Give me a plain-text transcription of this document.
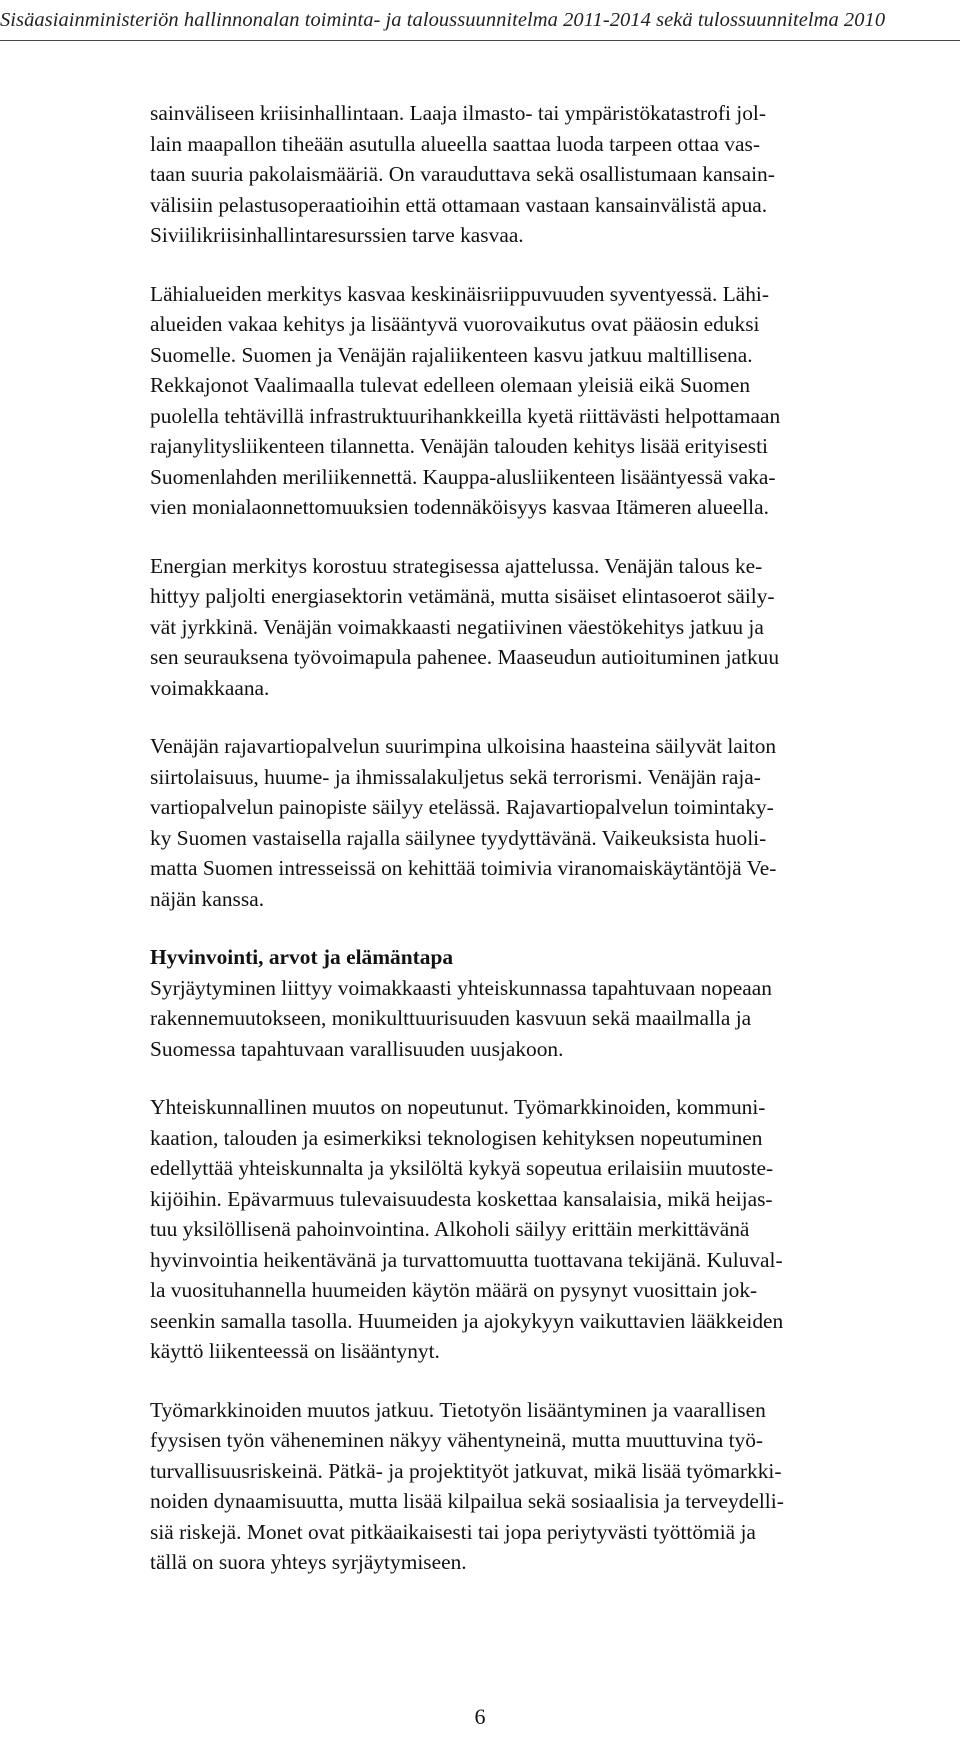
Sisäasiainministeriön hallinnonalan toiminta- ja taloussuunnitelma 2011-2014 sekä tulossuunnitelma 2010
sainväliseen kriisinhallintaan. Laaja ilmasto- tai ympäristökatastrofi jol-
lain maapallon tiheään asutulla alueella saattaa luoda tarpeen ottaa vas-
taan suuria pakolaismääriä. On varauduttava sekä osallistumaan kansain-
välisiin pelastusoperaatioihin että ottamaan vastaan kansainvälistä apua.
Siviilikriisinhallintaresurssien tarve kasvaa.
Lähialueiden merkitys kasvaa keskinäisriippuvuuden syventyessä. Lähi-
alueiden vakaa kehitys ja lisääntyvä vuorovaikutus ovat pääosin eduksi
Suomelle. Suomen ja Venäjän rajaliikenteen kasvu jatkuu maltillisena.
Rekkajonot Vaalimaalla tulevat edelleen olemaan yleisiä eikä Suomen
puolella tehtävillä infrastruktuurihankkeilla kyetä riittävästi helpottamaan
rajanylitysliikenteen tilannetta. Venäjän talouden kehitys lisää erityisesti
Suomenlahden meriliikennettä. Kauppa-alusliikenteen lisääntyessä vaka-
vien monialaonnettomuuksien todennäköisyys kasvaa Itämeren alueella.
Energian merkitys korostuu strategisessa ajattelussa. Venäjän talous ke-
hittyy paljolti energiasektorin vetämänä, mutta sisäiset elintasoerot säily-
vät jyrkkinä. Venäjän voimakkaasti negatiivinen väestökehitys jatkuu ja
sen seurauksena työvoimapula pahenee. Maaseudun autioituminen jatkuu
voimakkaana.
Venäjän rajavartiopalvelun suurimpina ulkoisina haasteina säilyvät laiton
siirtolaisuus, huume- ja ihmissalakuljetus sekä terrorismi. Venäjän raja-
vartiopalvelun painopiste säilyy etelässä. Rajavartiopalvelun toimintaky-
ky Suomen vastaisella rajalla säilynee tyydyttävänä. Vaikeuksista huoli-
matta Suomen intresseissä on kehittää toimivia viranomaiskäytäntöjä Ve-
näjän kanssa.
Hyvinvointi, arvot ja elämäntapa
Syrjäytyminen liittyy voimakkaasti yhteiskunnassa tapahtuvaan nopeaan
rakennemuutokseen, monikulttuurisuuden kasvuun sekä maailmalla ja
Suomessa tapahtuvaan varallisuuden uusjakoon.
Yhteiskunnallinen muutos on nopeutunut. Työmarkkinoiden, kommuni-
kaation, talouden ja esimerkiksi teknologisen kehityksen nopeutuminen
edellyttää yhteiskunnalta ja yksilöltä kykyä sopeutua erilaisiin muutoste-
kijöihin. Epävarmuus tulevaisuudesta koskettaa kansalaisia, mikä heijas-
tuu yksilöllisenä pahoinvointina. Alkoholi säilyy erittäin merkittävänä
hyvinvointia heikentävänä ja turvattomuutta tuottavana tekijänä. Kuluval-
la vuosituhannella huumeiden käytön määrä on pysynyt vuosittain jok-
seenkin samalla tasolla. Huumeiden ja ajokykyyn vaikuttavien lääkkeiden
käyttö liikenteessä on lisääntynyt.
Työmarkkinoiden muutos jatkuu. Tietotyön lisääntyminen ja vaarallisen
fyysisen työn väheneminen näkyy vähentyneinä, mutta muuttuvina työ-
turvallisuusriskeinä. Pätkä- ja projektityöt jatkuvat, mikä lisää työmarkki-
noiden dynaamisuutta, mutta lisää kilpailua sekä sosiaalisia ja terveydelli-
siä riskejä. Monet ovat pitkäaikaisesti tai jopa periytyvästi työttömiä ja
tällä on suora yhteys syrjäytymiseen.
6
